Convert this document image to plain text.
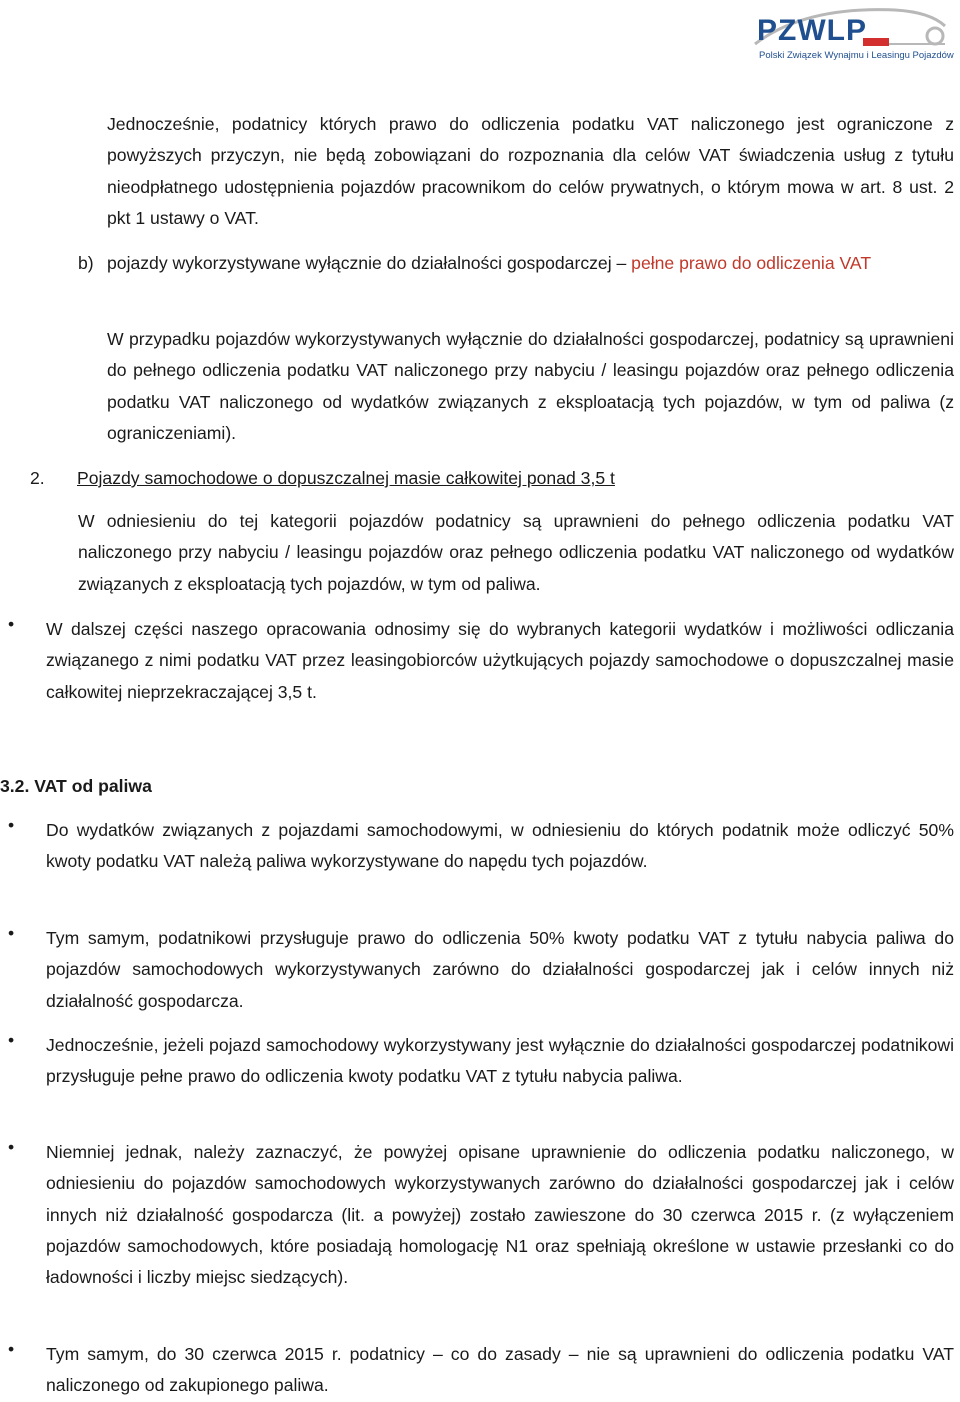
PZWLP
Polski Związek Wynajmu i Leasingu Pojazdów
Jednocześnie, podatnicy których prawo do odliczenia podatku VAT naliczonego jest ograniczone z powyższych przyczyn, nie będą zobowiązani do rozpoznania dla celów VAT świadczenia usług z tytułu nieodpłatnego udostępnienia pojazdów pracownikom do celów prywatnych, o którym mowa w art. 8 ust. 2 pkt 1 ustawy o VAT.
b) pojazdy wykorzystywane wyłącznie do działalności gospodarczej – pełne prawo do odliczenia VAT
W przypadku pojazdów wykorzystywanych wyłącznie do działalności gospodarczej, podatnicy są uprawnieni do pełnego odliczenia podatku VAT naliczonego przy nabyciu / leasingu pojazdów oraz pełnego odliczenia podatku VAT naliczonego od wydatków związanych z eksploatacją tych pojazdów, w tym od paliwa (z ograniczeniami).
2. Pojazdy samochodowe o dopuszczalnej masie całkowitej ponad 3,5 t
W odniesieniu do tej kategorii pojazdów podatnicy są uprawnieni do pełnego odliczenia podatku VAT naliczonego przy nabyciu / leasingu pojazdów oraz pełnego odliczenia podatku VAT naliczonego od wydatków związanych z eksploatacją tych pojazdów, w tym od paliwa.
• W dalszej części naszego opracowania odnosimy się do wybranych kategorii wydatków i możliwości odliczania związanego z nimi podatku VAT przez leasingobiorców użytkujących pojazdy samochodowe o dopuszczalnej masie całkowitej nieprzekraczającej 3,5 t.
3.2. VAT od paliwa
• Do wydatków związanych z pojazdami samochodowymi, w odniesieniu do których podatnik może odliczyć 50% kwoty podatku VAT należą paliwa wykorzystywane do napędu tych pojazdów.
• Tym samym, podatnikowi przysługuje prawo do odliczenia 50% kwoty podatku VAT z tytułu nabycia paliwa do pojazdów samochodowych wykorzystywanych zarówno do działalności gospodarczej jak i celów innych niż działalność gospodarcza.
• Jednocześnie, jeżeli pojazd samochodowy wykorzystywany jest wyłącznie do działalności gospodarczej podatnikowi przysługuje pełne prawo do odliczenia kwoty podatku VAT z tytułu nabycia paliwa.
• Niemniej jednak, należy zaznaczyć, że powyżej opisane uprawnienie do odliczenia podatku naliczonego, w odniesieniu do pojazdów samochodowych wykorzystywanych zarówno do działalności gospodarczej jak i celów innych niż działalność gospodarcza (lit. a powyżej) zostało zawieszone do 30 czerwca 2015 r. (z wyłączeniem pojazdów samochodowych, które posiadają homologację N1 oraz spełniają określone w ustawie przesłanki co do ładowności i liczby miejsc siedzących).
• Tym samym, do 30 czerwca 2015 r. podatnicy – co do zasady – nie są uprawnieni do odliczenia podatku VAT naliczonego od zakupionego paliwa.
